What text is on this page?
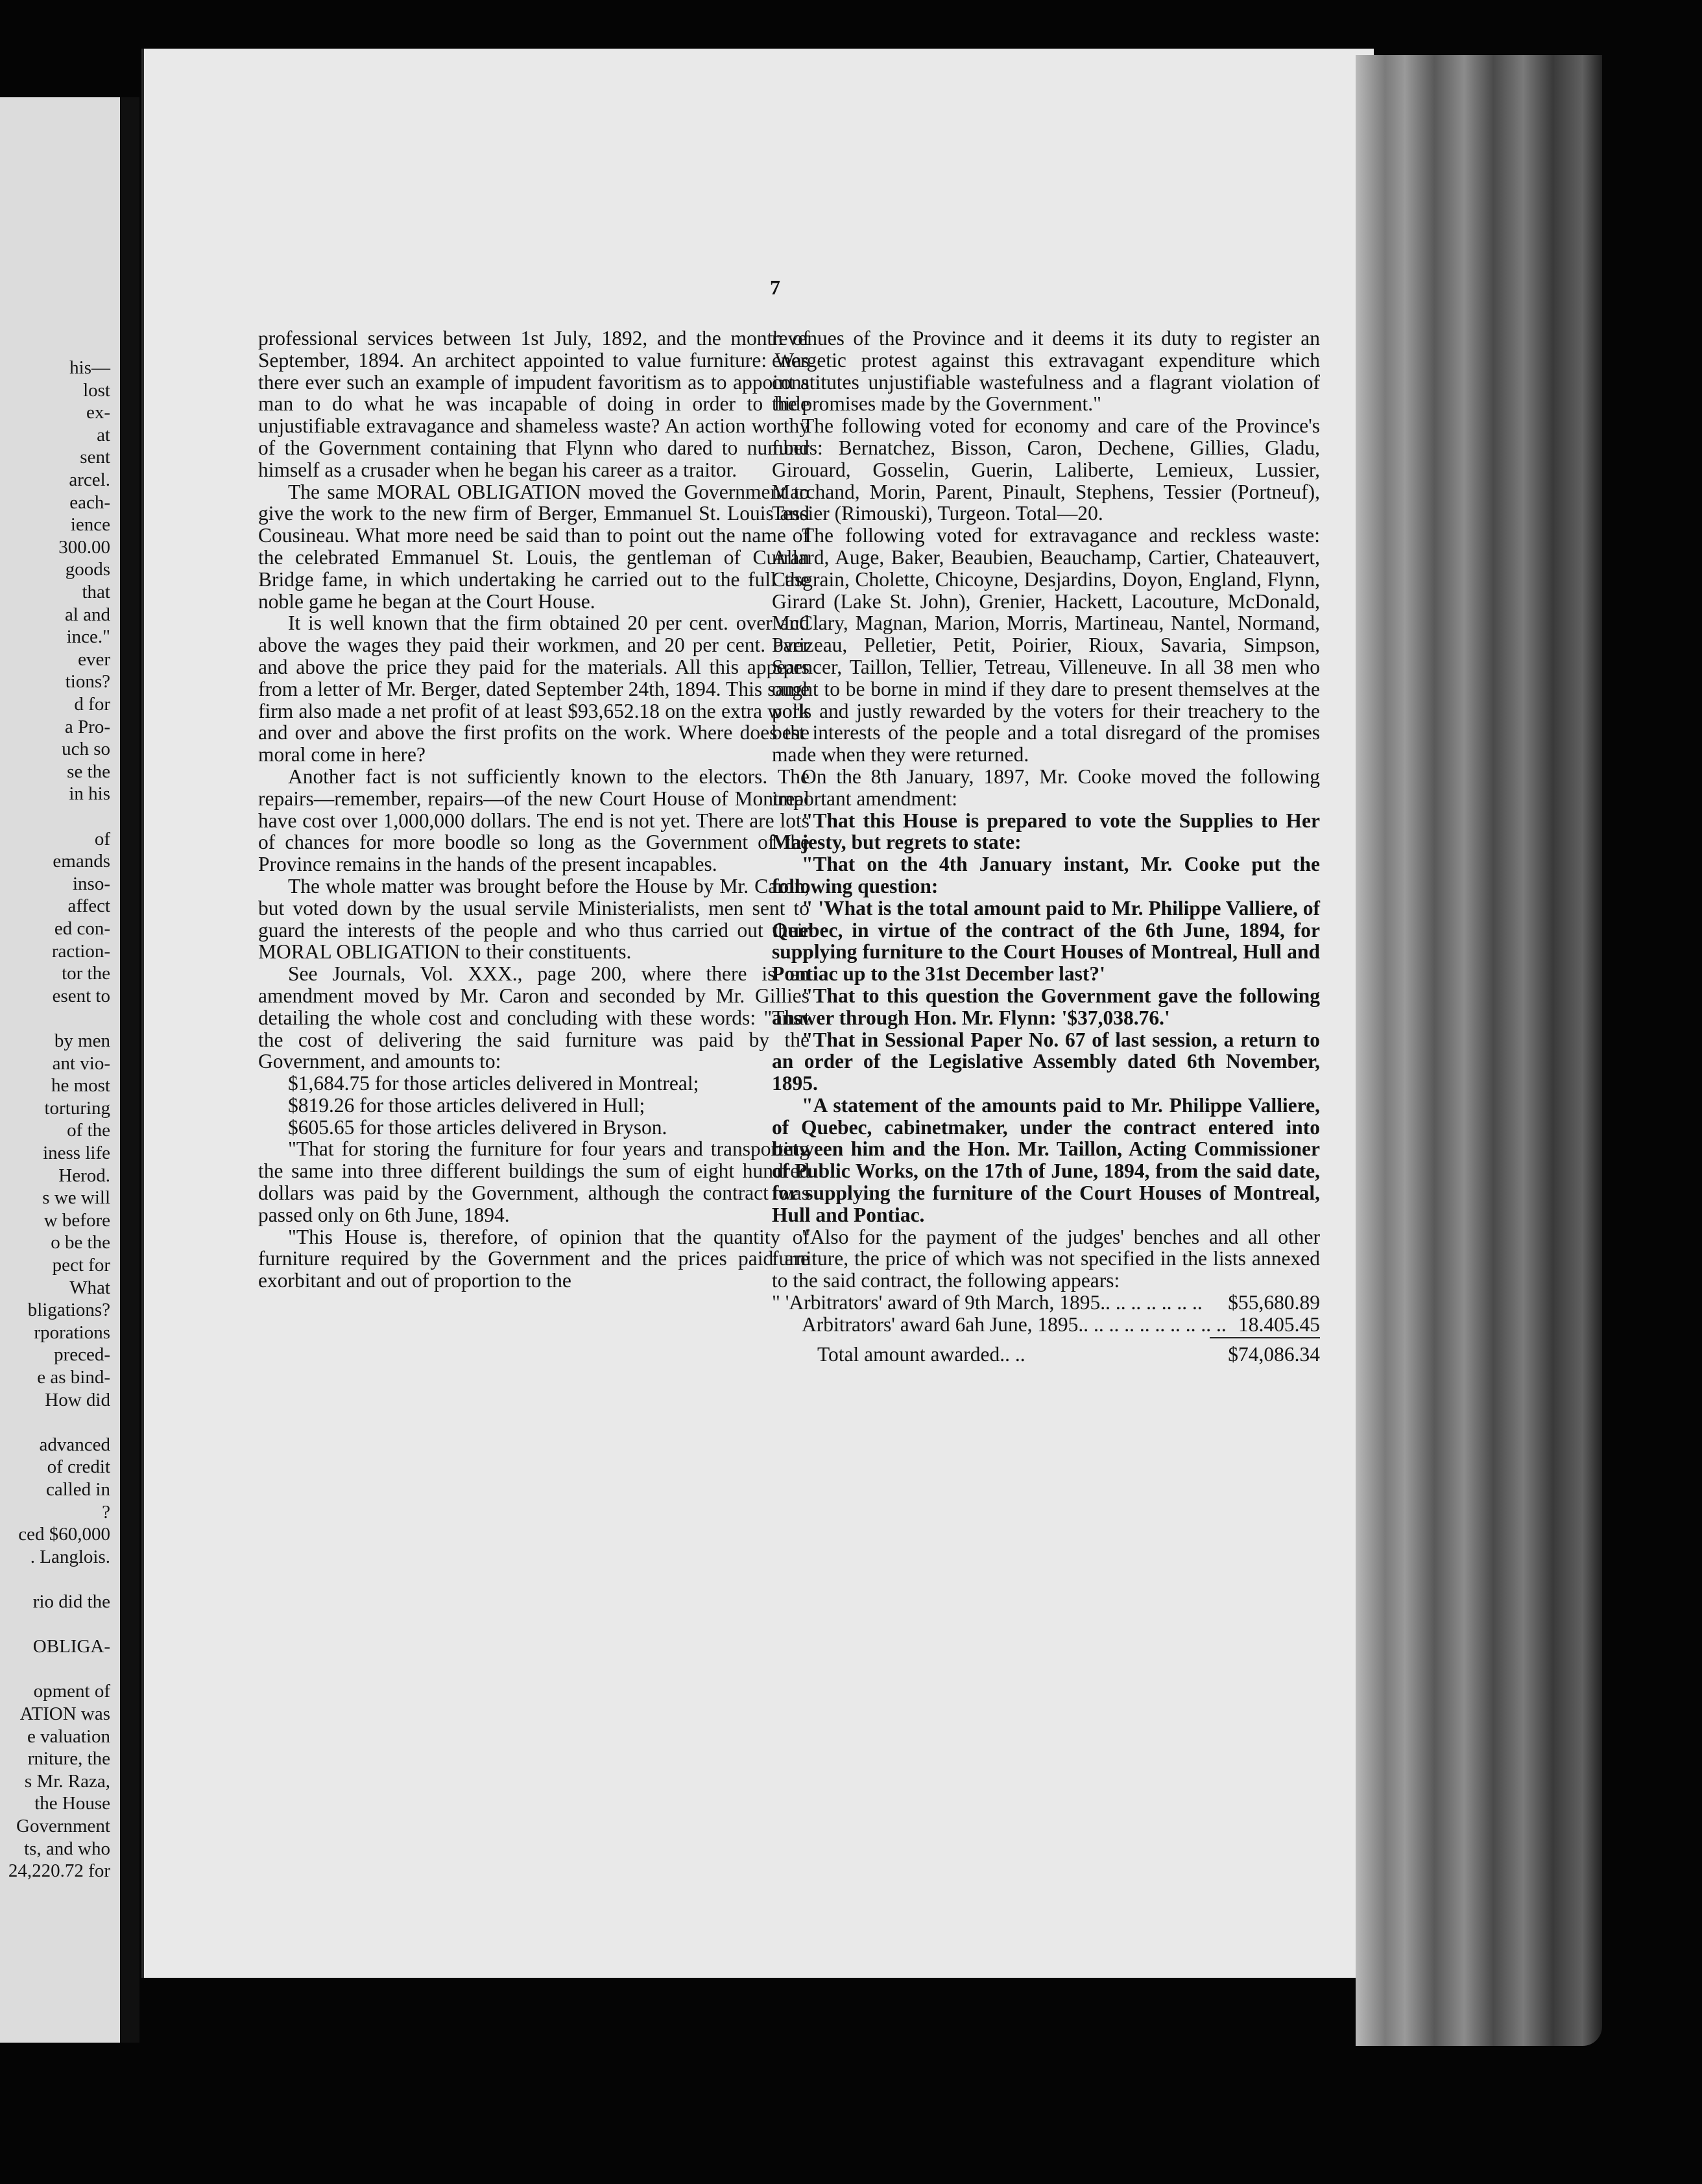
his—
lost
ex-
at
sent
arcel.
each-
ience
300.00
goods
that
al and
ince."
ever
tions?
d for
a Pro-
uch so
se the
in his
of
emands
inso-
affect
ed con-
raction-
tor the
esent to
by men
ant vio-
he most
torturing
of the
iness life
Herod.
s we will
w before
o be the
pect for
What
bligations?
rporations
preced-
e as bind-
How did
advanced
of credit
called in
?
ced $60,000
. Langlois.
rio did the
OBLIGA-
opment of
ATION was
e valuation
rniture, the
s Mr. Raza,
the House
Government
ts, and who
24,220.72 for
7

professional services between 1st July, 1892, and the month of September, 1894. An architect appointed to value furniture: Was there ever such an example of impudent favoritism as to appoint a man to do what he was incapable of doing in order to hide unjustifiable extravagance and shameless waste? An action worthy of the Government containing that Flynn who dared to number himself as a crusader when he began his career as a traitor.

The same MORAL OBLIGATION moved the Government to give the work to the new firm of Berger, Emmanuel St. Louis and Cousineau. What more need be said than to point out the name of the celebrated Emmanuel St. Louis, the gentleman of Curran Bridge fame, in which undertaking he carried out to the full the noble game he began at the Court House.

It is well known that the firm obtained 20 per cent. over and above the wages they paid their workmen, and 20 per cent. over and above the price they paid for the materials. All this appears from a letter of Mr. Berger, dated September 24th, 1894. This same firm also made a net profit of at least $93,652.18 on the extra work and over and above the first profits on the work. Where does the moral come in here?

Another fact is not sufficiently known to the electors. The repairs—remember, repairs—of the new Court House of Montreal have cost over 1,000,000 dollars. The end is not yet. There are lots of chances for more boodle so long as the Government of the Province remains in the hands of the present incapables.

The whole matter was brought before the House by Mr. Caron, but voted down by the usual servile Ministerialists, men sent to guard the interests of the people and who thus carried out their MORAL OBLIGATION to their constituents.

See Journals, Vol. XXX., page 200, where there is an amendment moved by Mr. Caron and seconded by Mr. Gillies detailing the whole cost and concluding with these words: "That the cost of delivering the said furniture was paid by the Government, and amounts to:

$1,684.75 for those articles delivered in Montreal;

$819.26 for those articles delivered in Hull;

$605.65 for those articles delivered in Bryson.

"That for storing the furniture for four years and transporting the same into three different buildings the sum of eight hundred dollars was paid by the Government, although the contract was passed only on 6th June, 1894.

"This House is, therefore, of opinion that the quantity of furniture required by the Government and the prices paid are exorbitant and out of proportion to the

revenues of the Province and it deems it its duty to register an energetic protest against this extravagant expenditure which constitutes unjustifiable wastefulness and a flagrant violation of the promises made by the Government."

The following voted for economy and care of the Province's funds: Bernatchez, Bisson, Caron, Dechene, Gillies, Gladu, Girouard, Gosselin, Guerin, Laliberte, Lemieux, Lussier, Marchand, Morin, Parent, Pinault, Stephens, Tessier (Portneuf), Tessier (Rimouski), Turgeon. Total—20.

The following voted for extravagance and reckless waste: Allard, Auge, Baker, Beaubien, Beauchamp, Cartier, Chateauvert, Casgrain, Cholette, Chicoyne, Desjardins, Doyon, England, Flynn, Girard (Lake St. John), Grenier, Hackett, Lacouture, McDonald, McClary, Magnan, Marion, Morris, Martineau, Nantel, Normand, Parizeau, Pelletier, Petit, Poirier, Rioux, Savaria, Simpson, Spencer, Taillon, Tellier, Tetreau, Villeneuve. In all 38 men who ought to be borne in mind if they dare to present themselves at the polls and justly rewarded by the voters for their treachery to the best interests of the people and a total disregard of the promises made when they were returned.

On the 8th January, 1897, Mr. Cooke moved the following important amendment:

"That this House is prepared to vote the Supplies to Her Majesty, but regrets to state:

"That on the 4th January instant, Mr. Cooke put the following question:

" 'What is the total amount paid to Mr. Philippe Valliere, of Quebec, in virtue of the contract of the 6th June, 1894, for supplying furniture to the Court Houses of Montreal, Hull and Pontiac up to the 31st December last?'

"That to this question the Government gave the following answer through Hon. Mr. Flynn: '$37,038.76.'

"That in Sessional Paper No. 67 of last session, a return to an order of the Legislative Assembly dated 6th November, 1895.

"A statement of the amounts paid to Mr. Philippe Valliere, of Quebec, cabinetmaker, under the contract entered into between him and the Hon. Mr. Taillon, Acting Commissioner of Public Works, on the 17th of June, 1894, from the said date, for supplying the furniture of the Court Houses of Montreal, Hull and Pontiac.

"Also for the payment of the judges' benches and all other furniture, the price of which was not specified in the lists annexed to the said contract, the following appears:

" 'Arbitrators' award of 9th March, 1895.. .. .. .. .. .. .. $55,680.89
Arbitrators' award 6ah June, 1895.. .. .. .. .. .. .. .. .. .. 18.405.45
Total amount awarded.. ..	$74,086.34
